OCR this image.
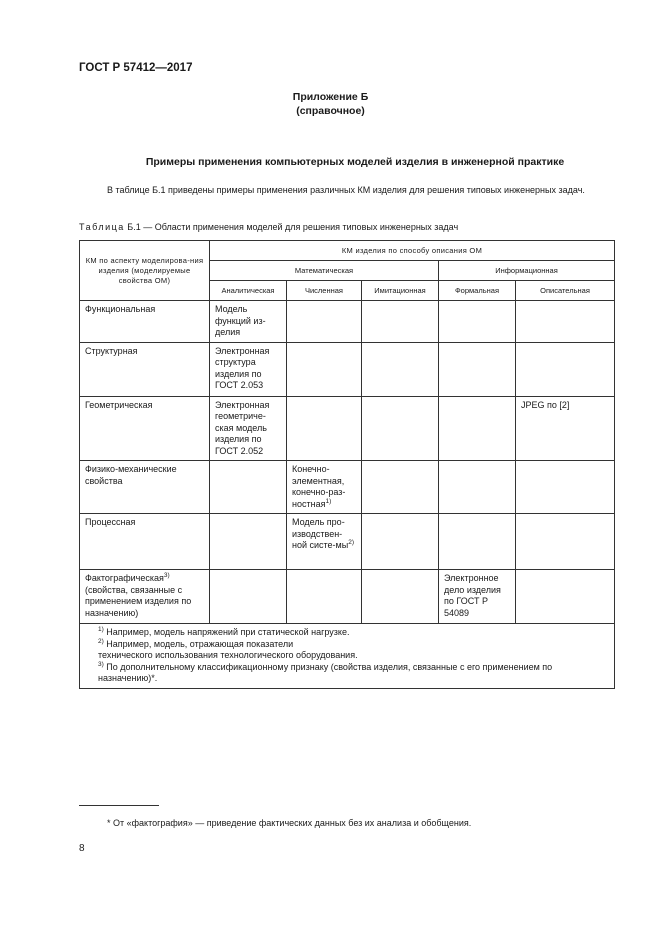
ГОСТ Р 57412—2017
Приложение Б
(справочное)
Примеры применения компьютерных моделей изделия в инженерной практике
В таблице Б.1 приведены примеры применения различных КМ изделия для решения типовых инженерных задач.
Таблица Б.1 — Области применения моделей для решения типовых инженерных задач
КМ по аспекту моделирова-ния изделия (моделируемые свойства ОМ)	КМ изделия по способу описания ОМ				
	Математическая			Информационная	
	Аналитическая	Численная	Имитационная	Формальная	Описательная
Функциональная	Модель функций из-делия				
Структурная	Электронная структура изделия по ГОСТ 2.053				
Геометрическая	Электронная геометриче-ская модель изделия по ГОСТ 2.052				JPEG по [2]
Физико-механические свойства		Конечно-элементная, конечно-раз-ностная$^{1)}$			
Процессная		Модель про-изводствен-ной систе-$мы^{2)}$			
Фактографическая$^{3)}$ (свойства, связанные с применением изделия по назначению)				Электронное дело изделия по ГОСТ Р 54089	

$^{1)}$ Например, модель напряжений при статической нагрузке.
$^{2)}$ Например, модель, отражающая показатели
технического использования технологического оборудования.
$^{3)}$ По дополнительному классификационному признаку (свойства изделия, связанные с его применением по назначению)*.					
* От «фактография» — приведение фактических данных без их анализа и обобщения.
8
